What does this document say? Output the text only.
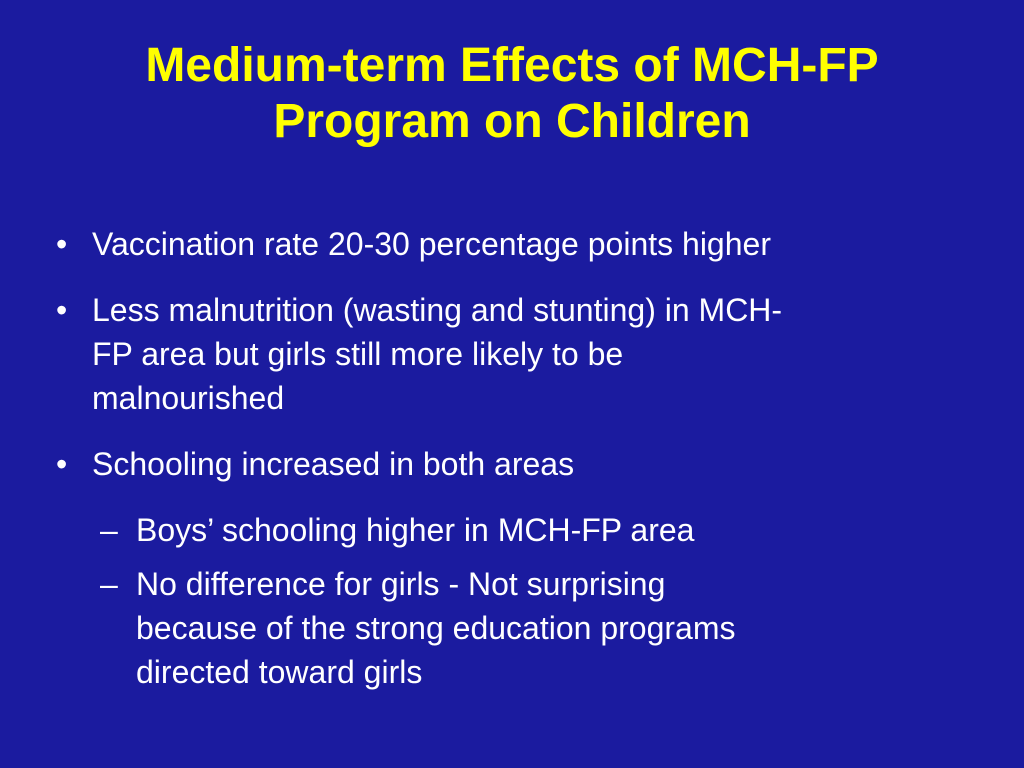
Medium-term Effects of MCH-FP
Program on Children
• Vaccination rate 20-30 percentage points higher
• Less malnutrition (wasting and stunting) in MCH-
FP area but girls still more likely to be
malnourished
• Schooling increased in both areas
– Boys’ schooling higher in MCH-FP area
– No difference for girls - Not surprising
because of the strong education programs
directed toward girls
